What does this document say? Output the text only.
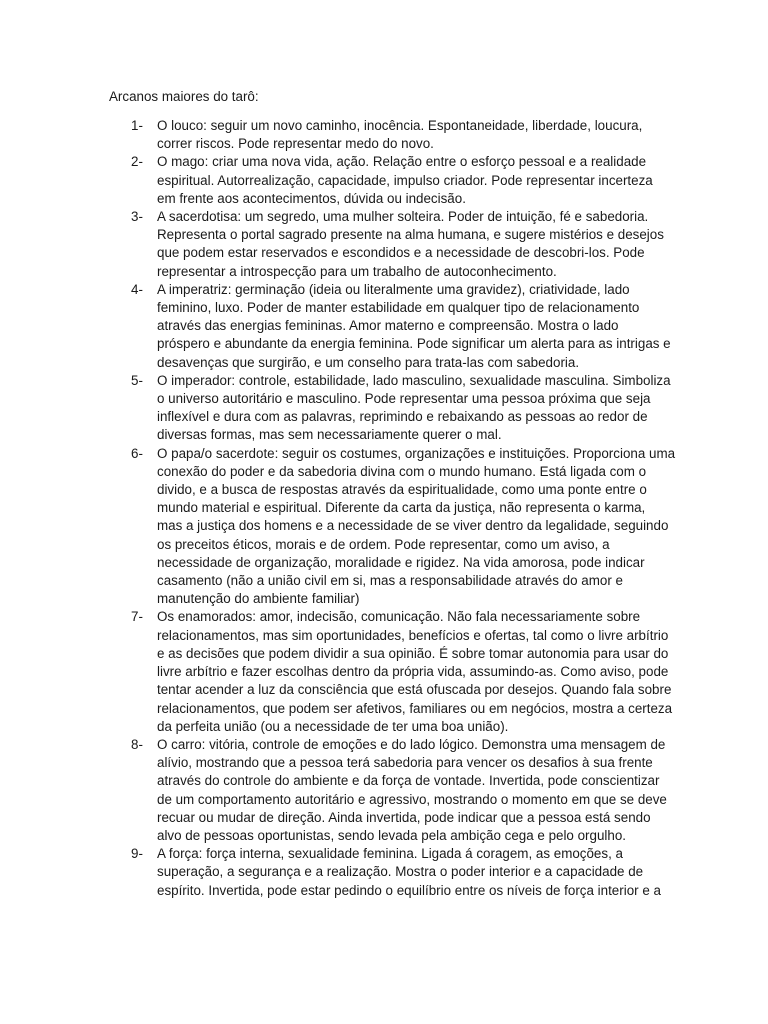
Arcanos maiores do tarô:
1- O louco: seguir um novo caminho, inocência. Espontaneidade, liberdade, loucura,
correr riscos. Pode representar medo do novo.
2- O mago: criar uma nova vida, ação. Relação entre o esforço pessoal e a realidade
espiritual. Autorrealização, capacidade, impulso criador. Pode representar incerteza
em frente aos acontecimentos, dúvida ou indecisão.
3- A sacerdotisa: um segredo, uma mulher solteira. Poder de intuição, fé e sabedoria.
Representa o portal sagrado presente na alma humana, e sugere mistérios e desejos
que podem estar reservados e escondidos e a necessidade de descobri-los. Pode
representar a introspecção para um trabalho de autoconhecimento.
4- A imperatriz: germinação (ideia ou literalmente uma gravidez), criatividade, lado
feminino, luxo. Poder de manter estabilidade em qualquer tipo de relacionamento
através das energias femininas. Amor materno e compreensão. Mostra o lado
próspero e abundante da energia feminina. Pode significar um alerta para as intrigas e
desavenças que surgirão, e um conselho para trata-las com sabedoria.
5- O imperador: controle, estabilidade, lado masculino, sexualidade masculina. Simboliza
o universo autoritário e masculino. Pode representar uma pessoa próxima que seja
inflexível e dura com as palavras, reprimindo e rebaixando as pessoas ao redor de
diversas formas, mas sem necessariamente querer o mal.
6- O papa/o sacerdote: seguir os costumes, organizações e instituições. Proporciona uma
conexão do poder e da sabedoria divina com o mundo humano. Está ligada com o
divido, e a busca de respostas através da espiritualidade, como uma ponte entre o
mundo material e espiritual. Diferente da carta da justiça, não representa o karma,
mas a justiça dos homens e a necessidade de se viver dentro da legalidade, seguindo
os preceitos éticos, morais e de ordem. Pode representar, como um aviso, a
necessidade de organização, moralidade e rigidez. Na vida amorosa, pode indicar
casamento (não a união civil em si, mas a responsabilidade através do amor e
manutenção do ambiente familiar)
7- Os enamorados: amor, indecisão, comunicação. Não fala necessariamente sobre
relacionamentos, mas sim oportunidades, benefícios e ofertas, tal como o livre arbítrio
e as decisões que podem dividir a sua opinião. É sobre tomar autonomia para usar do
livre arbítrio e fazer escolhas dentro da própria vida, assumindo-as. Como aviso, pode
tentar acender a luz da consciência que está ofuscada por desejos. Quando fala sobre
relacionamentos, que podem ser afetivos, familiares ou em negócios, mostra a certeza
da perfeita união (ou a necessidade de ter uma boa união).
8- O carro: vitória, controle de emoções e do lado lógico. Demonstra uma mensagem de
alívio, mostrando que a pessoa terá sabedoria para vencer os desafios à sua frente
através do controle do ambiente e da força de vontade. Invertida, pode conscientizar
de um comportamento autoritário e agressivo, mostrando o momento em que se deve
recuar ou mudar de direção. Ainda invertida, pode indicar que a pessoa está sendo
alvo de pessoas oportunistas, sendo levada pela ambição cega e pelo orgulho.
9- A força: força interna, sexualidade feminina. Ligada á coragem, as emoções, a
superação, a segurança e a realização. Mostra o poder interior e a capacidade de
espírito. Invertida, pode estar pedindo o equilíbrio entre os níveis de força interior e a
